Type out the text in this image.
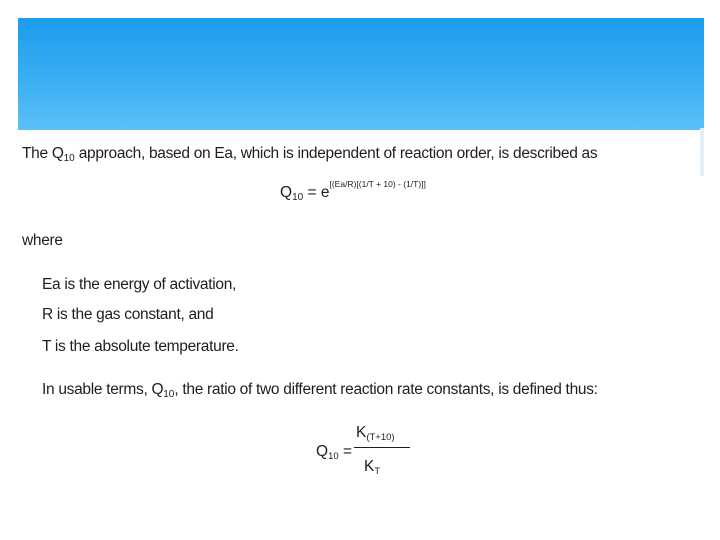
The $Q_{10}$ approach, based on Ea, which is independent of reaction order, is described as
$Q_{10} = e[(Ea/R)[(1/T + 10) - (1/T)]]$
where
Ea is the energy of activation,
R is the gas constant, and
T is the absolute temperature.
In usable terms, $Q_{10}$, the ratio of two different reaction rate constants, is defined thus:
$Q_{10}$ =
$K_{(T+10)}$
$K_T$
